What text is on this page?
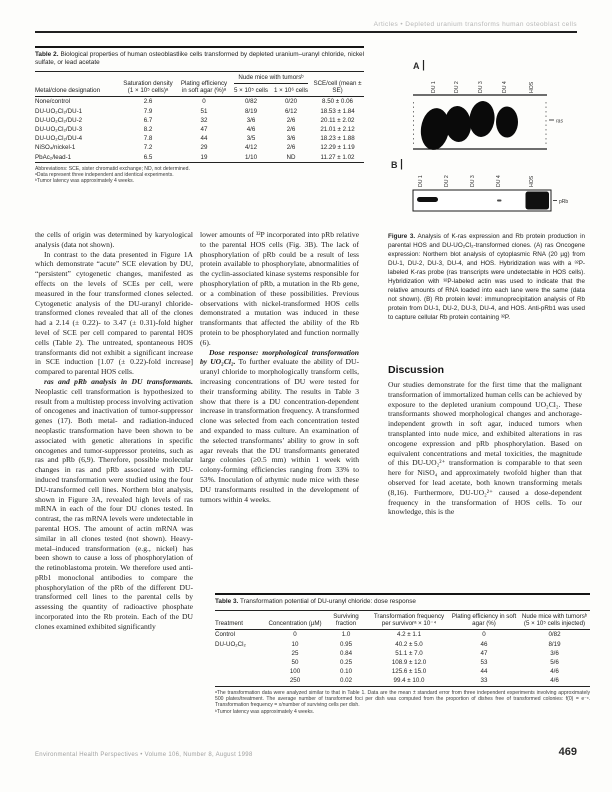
Articles • Depleted uranium transforms human osteoblast cells
Table 2. Biological properties of human osteoblastlike cells transformed by depleted uranium–uranyl chloride, nickel sulfate, or lead acetate
Metal/clone designation	Saturation density (1 × 10⁵ cells)ᵃ	Plating efficiency in soft agar (%)ᵃ	Nude mice with tumorsᵇ		SCE/cell (mean ± SE)
			5 × 10⁵ cells	1 × 10⁶ cells	
None/control	2.6	0	0/82	0/20	8.50 ± 0.06
DU-UO₂Cl₂/DU-1	7.9	51	8/19	6/12	18.53 ± 1.84
DU-UO₂Cl₂/DU-2	6.7	32	3/6	2/6	20.11 ± 2.02
DU-UO₂Cl₂/DU-3	8.2	47	4/6	2/6	21.01 ± 2.12
DU-UO₂Cl₂/DU-4	7.8	44	3/5	3/6	18.23 ± 1.88
NiSO₄/nickel-1	7.2	29	4/12	2/6	12.29 ± 1.19
PbAc₂/lead-1	6.5	19	1/10	ND	11.27 ± 1.02
Abbreviations: SCE, sister chromatid exchange; ND, not determined.
ᵃData represent three independent and identical experiments.
ᵇTumor latency was approximately 4 weeks.
A
DU 1	DU 2	DU 3	DU 4	HOS
ras
B
DU 1	DU 2	DU 3	DU 4	HOS
pRb
Figure 3. Analysis of K-ras expression and Rb protein production in parental HOS and DU-UO₂Cl₂-transformed clones. (A) ras Oncogene expression: Northern blot analysis of cytoplasmic RNA (20 µg) from DU-1, DU-2, DU-3, DU-4, and HOS. Hybridization was with a ³²P-labeled K-ras probe (ras transcripts were undetectable in HOS cells). Hybridization with ³²P-labeled actin was used to indicate that the relative amounts of RNA loaded into each lane were the same (data not shown). (B) Rb protein level: immunoprecipitation analysis of Rb protein from DU-1, DU-2, DU-3, DU-4, and HOS. Anti-pRb1 was used to capture cellular Rb protein containing ³²P.

the cells of origin was determined by karyological analysis (data not shown).

In contrast to the data presented in Figure 1A which demonstrate “acute” SCE elevation by DU, “persistent” cytogenetic changes, manifested as effects on the levels of SCEs per cell, were measured in the four transformed clones selected. Cytogenetic analysis of the DU-uranyl chloride-transformed clones revealed that all of the clones had a 2.14 (± 0.22)- to 3.47 (± 0.31)-fold higher level of SCE per cell compared to parental HOS cells (Table 2). The untreated, spontaneous HOS transformants did not exhibit a significant increase in SCE induction [1.07 (± 0.22)-fold increase] compared to parental HOS cells.

ras and pRb analysis in DU transformants. Neoplastic cell transformation is hypothesized to result from a multistep process involving activation of oncogenes and inactivation of tumor-suppressor genes (17). Both metal- and radiation-induced neoplastic transformation have been shown to be associated with genetic alterations in specific oncogenes and tumor-suppressor proteins, such as ras and pRb (6,9). Therefore, possible molecular changes in ras and pRb associated with DU-induced transformation were studied using the four DU-transformed cell lines. Northern blot analysis, shown in Figure 3A, revealed high levels of ras mRNA in each of the four DU clones tested. In contrast, the ras mRNA levels were undetectable in parental HOS. The amount of actin mRNA was similar in all clones tested (not shown). Heavy-metal–induced transformation (e.g., nickel) has been shown to cause a loss of phosphorylation of the retinoblastoma protein. We therefore used anti-pRb1 monoclonal antibodies to compare the phosphorylation of the pRb of the different DU-transformed cell lines to the parental cells by assessing the quantity of radioactive phosphate incorporated into the Rb protein. Each of the DU clones examined exhibited significantly

lower amounts of ³²P incorporated into pRb relative to the parental HOS cells (Fig. 3B). The lack of phosphorylation of pRb could be a result of less protein available to phosphorylate, abnormalities of the cyclin-associated kinase systems responsible for phosphorylation of pRb, a mutation in the Rb gene, or a combination of these possibilities. Previous observations with nickel-transformed HOS cells demonstrated a mutation was induced in these transformants that affected the ability of the Rb protein to be phosphorylated and function normally (6).

Dose response: morphological transformation by UO₂Cl₂. To further evaluate the ability of DU-uranyl chloride to morphologically transform cells, increasing concentrations of DU were tested for their transforming ability. The results in Table 3 show that there is a DU concentration-dependent increase in transformation frequency. A transformed clone was selected from each concentration tested and expanded to mass culture. An examination of the selected transformants’ ability to grow in soft agar reveals that the DU transformants generated large colonies (≥0.5 mm) within 1 week with colony-forming efficiencies ranging from 33% to 53%. Inoculation of athymic nude mice with these DU transformants resulted in the development of tumors within 4 weeks.

Discussion

Our studies demonstrate for the first time that the malignant transformation of immortalized human cells can be achieved by exposure to the depleted uranium compound UO₂Cl₂. These transformants showed morphological changes and anchorage-independent growth in soft agar, induced tumors when transplanted into nude mice, and exhibited alterations in ras oncogene expression and pRb phosphorylation. Based on equivalent concentrations and metal toxicities, the magnitude of this DU-UO₂²⁺ transformation is comparable to that seen here for NiSO₄ and approximately twofold higher than that observed for lead acetate, both known transforming metals (8,16). Furthermore, DU-UO₂²⁺ caused a dose-dependent frequency in the transformation of HOS cells. To our knowledge, this is the

Table 3. Transformation potential of DU-uranyl chloride: dose response
Treatment	Concentration (µM)	Surviving fraction	Transformation frequency per survivorᵃ × 10⁻⁴	Plating efficiency in soft agar (%)	Nude mice with tumorsᵇ (5 × 10⁵ cells injected)
Control	0	1.0	4.2 ± 1.1	0	0/82
DU-UO₂Cl₂	10	0.95	40.2 ± 5.0	46	8/19
	25	0.84	51.1 ± 7.0	47	3/6
	50	0.25	108.9 ± 12.0	53	5/6
	100	0.10	125.6 ± 15.0	44	4/6
	250	0.02	99.4 ± 10.0	33	4/6
ᵃThe transformation data were analyzed similar to that in Table 1. Data are the mean ± standard error from three independent experiments involving approximately 500 plates/treatment. The average number of transformed foci per dish was computed from the proportion of dishes free of transformed colonies: f(0) = e⁻ˣ. Transformation frequency = x/number of surviving cells per dish.
ᵇTumor latency was approximately 4 weeks.
Environmental Health Perspectives • Volume 106, Number 8, August 1998	469
